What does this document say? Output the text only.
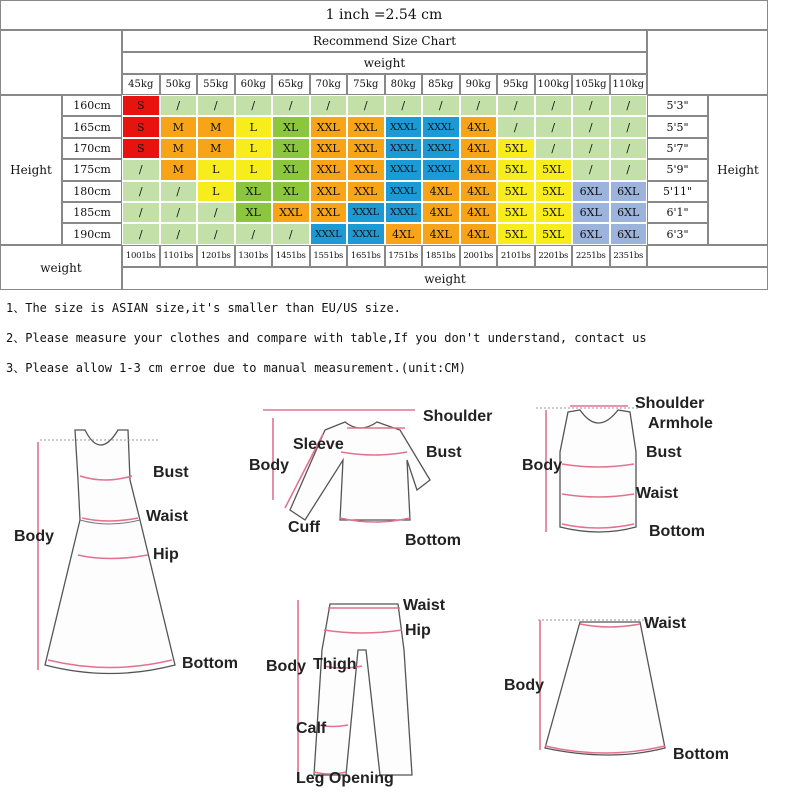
1 inch =2.54 cm
Recommend Size Chart
weight
45kg	50kg	55kg	60kg	65kg	70kg	75kg	80kg	85kg	90kg	95kg 100kg 105kg 110kg
Height	Height
160cm	S	/	/	/	/	/	/	/	/	/	/	/	/	/	5'3"
165cm	S	M	M	L	XL	XXL	XXL	XXXL	XXXL	4XL	/	/	/	/	5'5"
170cm	S	M	M	L	XL	XXL	XXL	XXXL	XXXL	4XL	5XL	/	/	/	5'7"
175cm	/	M	L	L	XL	XXL	XXL	XXXL	XXXL	4XL	5XL	5XL	/	/	5'9"
180cm	/	/	L	XL	XL	XXL	XXL	XXXL	4XL	4XL	5XL	5XL	6XL	6XL	5'11"
185cm	/	/	/	XL	XXL	XXL	XXXL	XXXL	4XL	4XL	5XL	5XL	6XL	6XL	6'1"
190cm	/	/	/	/	/	XXXL	XXXL	4XL	4XL	4XL	5XL	5XL	6XL	6XL	6'3"
weight
1001bs 1101bs 1201bs 1301bs 1451bs 1551bs 1651bs 1751bs 1851bs 2001bs 2101bs 2201bs 2251bs 2351bs
weight
1、The size is ASIAN size,it's smaller than EU/US size.
2、Please measure your clothes and compare with table,If you don't understand, contact us
3、Please allow 1-3 cm erroe due to manual measurement.(unit:CM)
Body
Bust
Waist
Hip
Bottom
Shoulder
Sleeve
Body
Bust
Cuff
Bottom
Shoulder
Armhole
Body
Bust
Waist
Bottom
Waist
Hip
Body Thigh
Calf
Leg Opening
Waist
Body
Bottom
